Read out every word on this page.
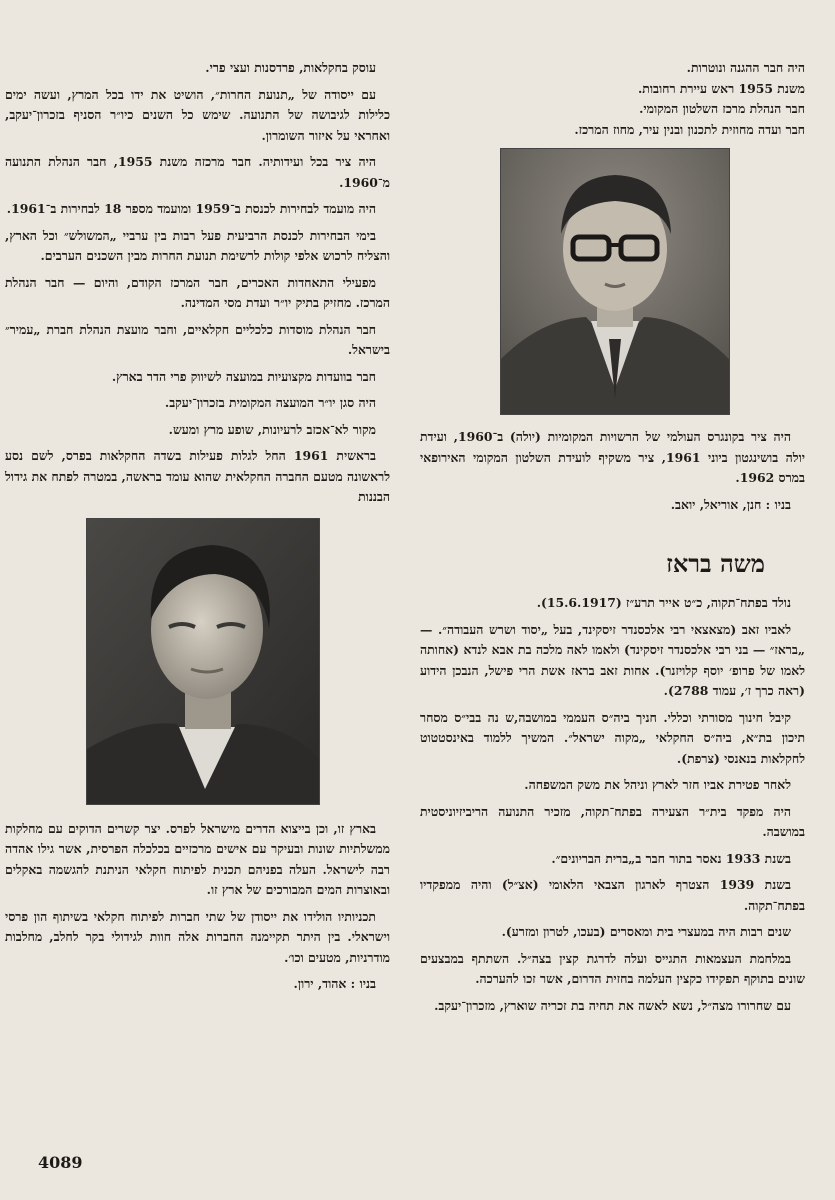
היה חבר ההגנה ונוטרות.
משנת 1955 ראש עיירת רחובות.
חבר הנהלת מרכז השלטון המקומי.
חבר ועדה מחוזית לתכנון ובנין עיר, מחוז המרכז.

היה ציר בקונגרס העולמי של הרשויות המקומיות (יולה) ב־1960, ועידת יולה בושינגטון ביוני 1961, ציר משקיף לועידת השלטון המקומי האירופאי במרס 1962.

בניו : חנן, אוריאל, יואב.

משה בראז

נולד בפתח־תקוה, כ״ט אייר תרע״ז (15.6.1917).

לאביו זאב (מצאצאי רבי אלכסנדר זיסקינד, בעל „יסוד ושרש העבודה״. — „בראז״ — בני רבי אלכסנדר זיסקינד) ולאמו לאה מלכה בת אבא לנדא (אחותה לאמו של פרופ׳ יוסף קלויזנר). אחות זאב בראז אשת הרי פישל, הנבכן הידוע (ראה כרך ז׳, עמוד 2788).

קיבל חינוך מסורתי וכללי. חניך ביה״ס העממי במושבה,ש נה בבי״ס מסחר תיכון בת״א, ביה״ס החקלאי „מקוה ישראל״. המשיך ללמוד באינסטטוט לחקלאות בנאנסי (צרפת).

לאחר פטירת אביו חזר לארץ וניהל את משק המשפחה.

היה מפקד בית״ר הצעירה בפתח־תקוה, מזכיר התנועה הריביזיוניסטית במושבה.

בשנת 1933 נאסר בתור חבר ב„ברית הבריונים״.

בשנת 1939 הצטרף לארגון הצבאי הלאומי (אצ״ל) והיה ממפקדיו בפתח־תקוה.

שנים רבות היה במעצרי בית ומאסרים (בעכו, לטרון ומזרע).

במלחמת העצמאות התגייס ועלה לדרגת קצין בצה״ל. השתתף במבצעים שונים בתוקף תפקידו כקצין העלמה בחזית הדרום, אשר זכו להערכה.

עם שחרורו מצה״ל, נשא לאשה את תחיה בת זכריה שוארץ, מזכרון־יעקב.

עוסק בחקלאות, פרדסנות ועצי פרי.

עם ייסודה של „תנועת החרות״, הושיט את ידו בכל המרץ, ועשה ימים כלילות לגיבושה של התנועה. שימש כל השנים כיו״ר הסניף בזכרון־יעקב, ואחראי על איזור השומרון.

היה ציר בכל ועידותיה. חבר מרכזה משנת 1955, חבר הנהלת התנועה מ־1960.

היה מועמד לבחירות לכנסת ב־1959 ומועמד מספר 18 לבחירות ב־1961.

בימי הבחירות לכנסת הרביעית פעל רבות בין ערביי „המשולש״ וכל הארץ, והצליח לרכוש אלפי קולות לרשימת תנועת החרות מבין השכנים הערבים.

מפעילי התאחדות האכרים, חבר המרכז הקודם, והיום — חבר הנהלת המרכז. מחזיק בתיק יו״ר ועדת מסי המדינה.

חבר הנהלת מוסדות כלכליים חקלאיים, וחבר מועצת הנהלת חברת „עמיר״ בישראל.

חבר בוועדות מקצועיות במועצה לשיווק פרי הדר בארץ.

היה סגן יו״ר המועצה המקומית בזכרון־יעקב.

מקור לא־אכזב לרעיונות, שופע מרץ ומעש.

בראשית 1961 החל לגלות פעילות בשדה החקלאות בפרס, לשם נסע לראשונה מטעם החברה החקלאית שהוא עומד בראשה, במטרה לפתח את גידול הבננות

בארץ זו, וכן בייצוא הדרים מישראל לפרס. יצר קשרים הדוקים עם מחלקות ממשלתיות שונות ובעיקר עם אישים מרכזיים בכלכלה הפרסית, אשר גילו אהדה רבה לישראל. העלה בפניהם תכנית לפיתוח חקלאי הניתנת להגשמה באקלים ובאוצרות המים המבורכים של ארץ זו.

תכניותיו הולידו את ייסודן של שתי חברות לפיתוח חקלאי בשיתוף הון פרסי וישראלי. בין היתר תקיימנה החברות אלה חוות לגידולי בקר לחלב, מחלבות מודרניות, מטעים וכו׳.

בניו : אהוד, ירון.

4089
